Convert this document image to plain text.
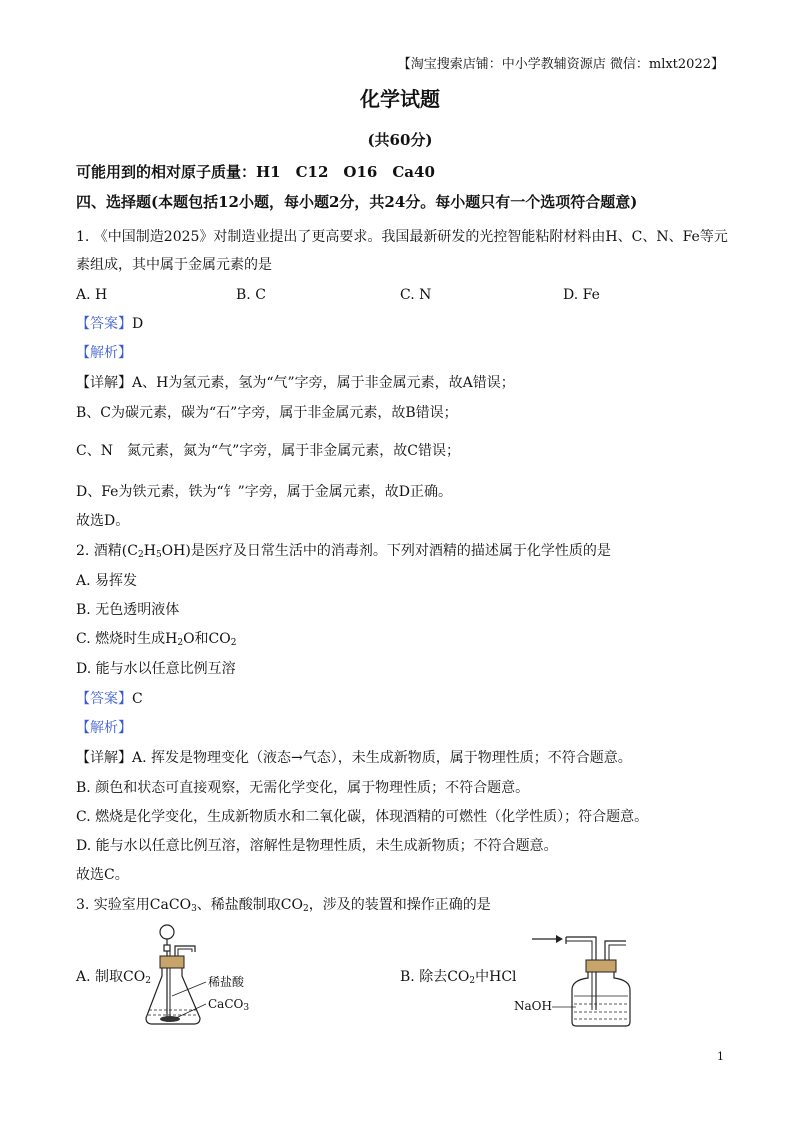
【淘宝搜索店铺：中小学教辅资源店 微信：mlxt2022】
化学试题
(共60分)
可能用到的相对原子质量：H1　C12　O16　Ca40
四、选择题(本题包括12小题，每小题2分，共24分。每小题只有一个选项符合题意)
1. 《中国制造2025》对制造业提出了更高要求。我国最新研发的光控智能粘附材料由H、C、N、Fe等元
素组成，其中属于金属元素的是
A. H	B. C	C. N	D. Fe
【答案】D
【解析】
【详解】A、H为氢元素，氢为“气”字旁，属于非金属元素，故A错误；
B、C为碳元素，碳为“石”字旁，属于非金属元素，故B错误；
C、N　氮元素，氮为“气”字旁，属于非金属元素，故C错误；
D、Fe为铁元素，铁为“钅”字旁，属于金属元素，故D正确。
故选D。
2. 酒精$(C_2H_5OH)$是医疗及日常生活中的消毒剂。下列对酒精的描述属于化学性质的是
A. 易挥发
B. 无色透明液体
C. 燃烧时生成$H_2O$和$CO_2$
D. 能与水以任意比例互溶
【答案】C
【解析】
【详解】A. 挥发是物理变化（液态→气态），未生成新物质，属于物理性质；不符合题意。
B. 颜色和状态可直接观察，无需化学变化，属于物理性质；不符合题意。
C. 燃烧是化学变化，生成新物质水和二氧化碳，体现酒精的可燃性（化学性质）；符合题意。
D. 能与水以任意比例互溶，溶解性是物理性质，未生成新物质；不符合题意。
故选C。
3. 实验室用CaCO$_3$、稀盐酸制取$CO_2$，涉及的装置和操作正确的是
A. 制取$CO_2$	稀盐酸
CaCO$_3$
B. 除去$CO_2$中HCl
NaOH
1
